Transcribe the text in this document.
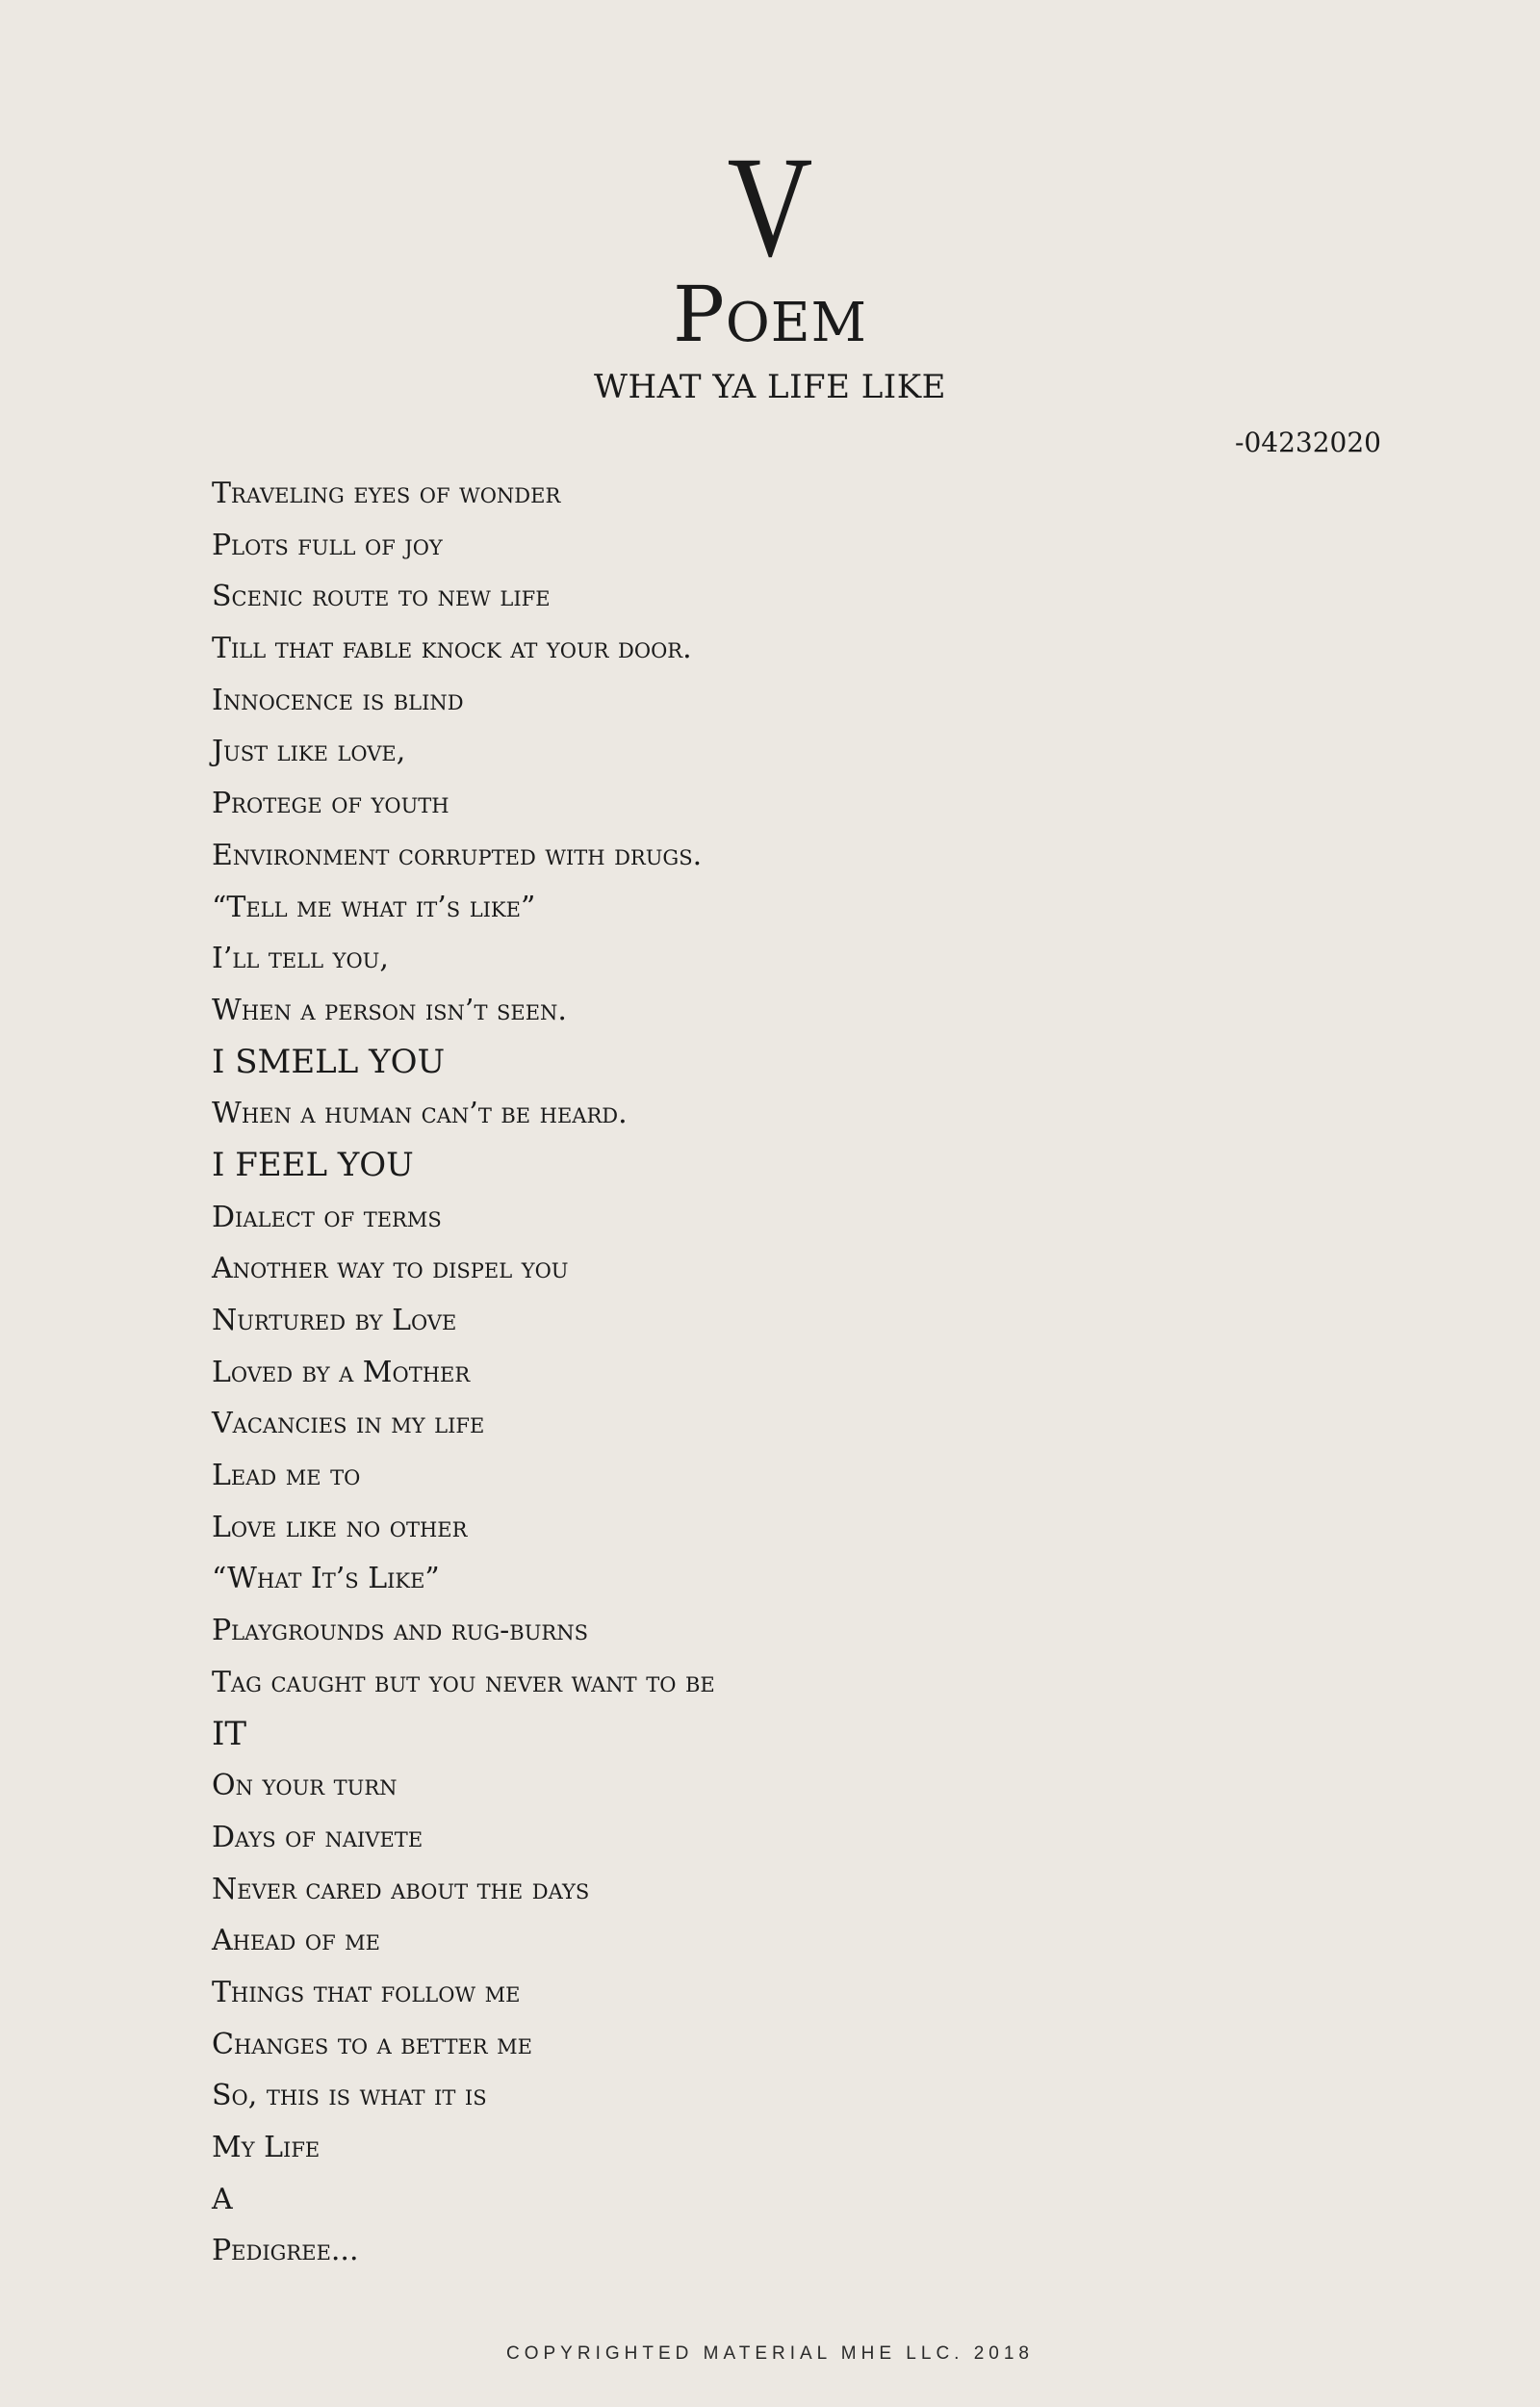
V
Poem
WHAT YA LIFE LIKE
-04232020
Traveling eyes of wonder
Plots full of joy
Scenic route to new life
Till that fable knock at your door.
Innocence is blind
Just like love,
Protege of youth
Environment corrupted with drugs.
“Tell me what it’s like”
I’ll tell you,
When a person isn’t seen.
I SMELL YOU
When a human can’t be heard.
I FEEL YOU
Dialect of terms
Another way to dispel you
Nurtured by Love
Loved by a Mother
Vacancies in my life
Lead me to
Love like no other
“What It’s Like”
Playgrounds and rug-burns
Tag caught but you never want to be
IT
On your turn
Days of naivete
Never cared about the days
Ahead of me
Things that follow me
Changes to a better me
So, this is what it is
My Life
A
Pedigree...
COPYRIGHTED MATERIAL MHE LLC. 2018
